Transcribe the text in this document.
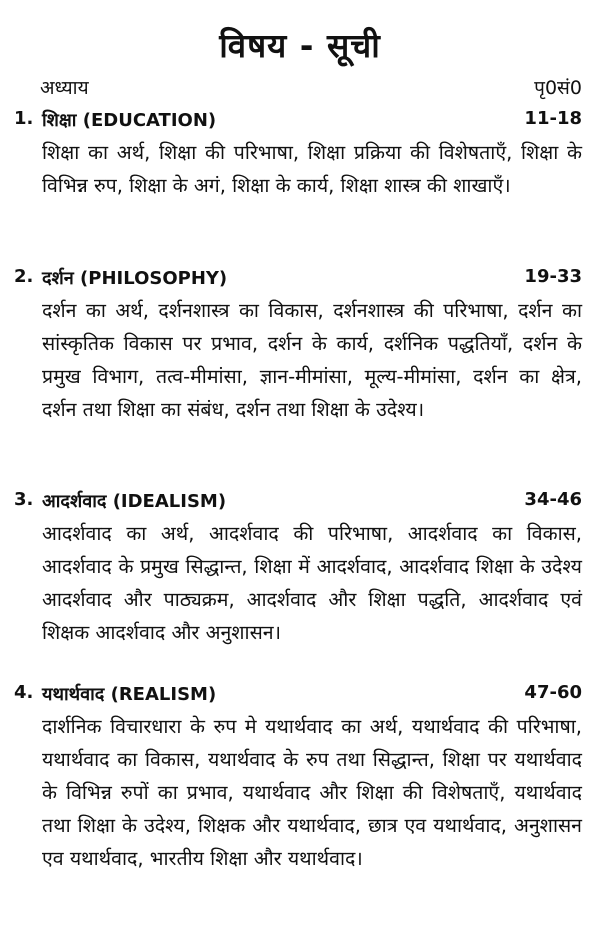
विषय - सूची
अध्याय	पृ0सं0
1. शिक्षा (EDUCATION)	11-18
शिक्षा का अर्थ, शिक्षा की परिभाषा, शिक्षा प्रक्रिया की विशेषताएँ, शिक्षा के विभिन्न रुप, शिक्षा के अगं, शिक्षा के कार्य, शिक्षा शास्त्र की शाखाएँ।
2. दर्शन (PHILOSOPHY)	19-33
दर्शन का अर्थ, दर्शनशास्त्र का विकास, दर्शनशास्त्र की परिभाषा, दर्शन का सांस्कृतिक विकास पर प्रभाव, दर्शन के कार्य, दर्शनिक पद्धतियाँ, दर्शन के प्रमुख विभाग, तत्व-मीमांसा, ज्ञान-मीमांसा, मूल्य-मीमांसा, दर्शन का क्षेत्र, दर्शन तथा शिक्षा का संबंध, दर्शन तथा शिक्षा के उदेश्य।
3. आदर्शवाद (IDEALISM)	34-46
आदर्शवाद का अर्थ, आदर्शवाद की परिभाषा, आदर्शवाद का विकास, आदर्शवाद के प्रमुख सिद्धान्त, शिक्षा में आदर्शवाद, आदर्शवाद शिक्षा के उदेश्य आदर्शवाद और पाठ्यक्रम, आदर्शवाद और शिक्षा पद्धति, आदर्शवाद एवं शिक्षक आदर्शवाद और अनुशासन।
4. यथार्थवाद (REALISM)	47-60
दार्शनिक विचारधारा के रुप मे यथार्थवाद का अर्थ, यथार्थवाद की परिभाषा, यथार्थवाद का विकास, यथार्थवाद के रुप तथा सिद्धान्त, शिक्षा पर यथार्थवाद के विभिन्न रुपों का प्रभाव, यथार्थवाद और शिक्षा की विशेषताएँ, यथार्थवाद तथा शिक्षा के उदेश्य, शिक्षक और यथार्थवाद, छात्र एव यथार्थवाद, अनुशासन एव यथार्थवाद, भारतीय शिक्षा और यथार्थवाद।
